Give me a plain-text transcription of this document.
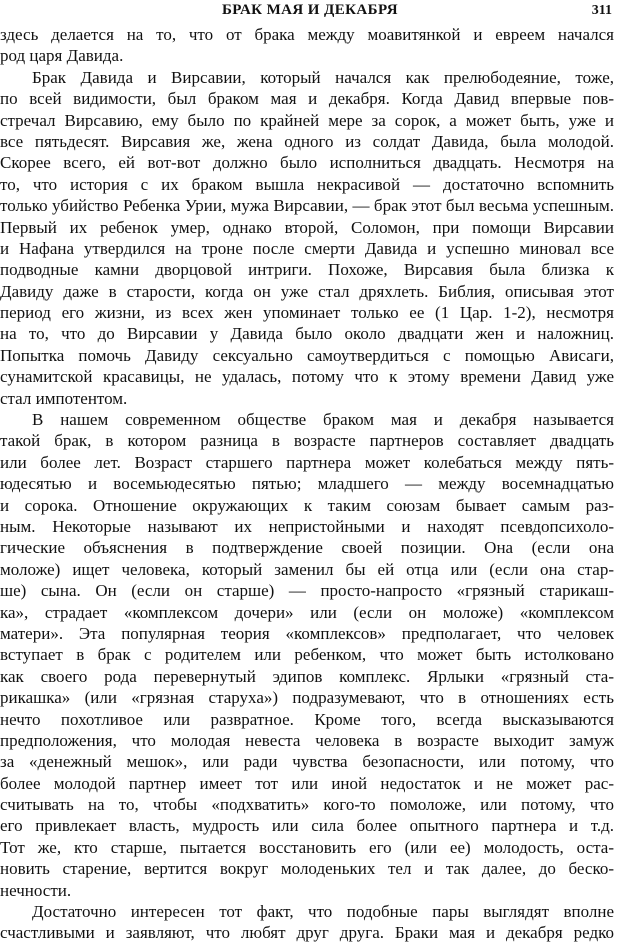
БРАК МАЯ И ДЕКАБРЯ	311
здесь делается на то, что от брака между моавитянкой и евреем начался
род царя Давида.
Брак Давида и Вирсавии, который начался как прелюбодеяние, тоже,
по всей видимости, был браком мая и декабря. Когда Давид впервые пов-
стречал Вирсавию, ему было по крайней мере за сорок, а может быть, уже и
все пятьдесят. Вирсавия же, жена одного из солдат Давида, была молодой.
Скорее всего, ей вот-вот должно было исполниться двадцать. Несмотря на
то, что история с их браком вышла некрасивой — достаточно вспомнить
только убийство Ребенка Урии, мужа Вирсавии, — брак этот был весьма успешным.
Первый их ребенок умер, однако второй, Соломон, при помощи Вирсавии
и Нафана утвердился на троне после смерти Давида и успешно миновал все
подводные камни дворцовой интриги. Похоже, Вирсавия была близка к
Давиду даже в старости, когда он уже стал дряхлеть. Библия, описывая этот
период его жизни, из всех жен упоминает только ее (1 Цар. 1-2), несмотря
на то, что до Вирсавии у Давида было около двадцати жен и наложниц.
Попытка помочь Давиду сексуально самоутвердиться с помощью Ависаги,
сунамитской красавицы, не удалась, потому что к этому времени Давид уже
стал импотентом.
В нашем современном обществе браком мая и декабря называется
такой брак, в котором разница в возрасте партнеров составляет двадцать
или более лет. Возраст старшего партнера может колебаться между пять-
юдесятью и восемьюдесятью пятью; младшего — между восемнадцатью
и сорока. Отношение окружающих к таким союзам бывает самым раз-
ным. Некоторые называют их непристойными и находят псевдопсихоло-
гические объяснения в подтверждение своей позиции. Она (если она
моложе) ищет человека, который заменил бы ей отца или (если она стар-
ше) сына. Он (если он старше) — просто-напросто «грязный старикаш-
ка», страдает «комплексом дочери» или (если он моложе) «комплексом
матери». Эта популярная теория «комплексов» предполагает, что человек
вступает в брак с родителем или ребенком, что может быть истолковано
как своего рода перевернутый эдипов комплекс. Ярлыки «грязный ста-
рикашка» (или «грязная старуха») подразумевают, что в отношениях есть
нечто похотливое или развратное. Кроме того, всегда высказываются
предположения, что молодая невеста человека в возрасте выходит замуж
за «денежный мешок», или ради чувства безопасности, или потому, что
более молодой партнер имеет тот или иной недостаток и не может рас-
считывать на то, чтобы «подхватить» кого-то помоложе, или потому, что
его привлекает власть, мудрость или сила более опытного партнера и т.д.
Тот же, кто старше, пытается восстановить его (или ее) молодость, оста-
новить старение, вертится вокруг молоденьких тел и так далее, до беско-
нечности.
Достаточно интересен тот факт, что подобные пары выглядят вполне
счастливыми и заявляют, что любят друг друга. Браки мая и декабря редко
